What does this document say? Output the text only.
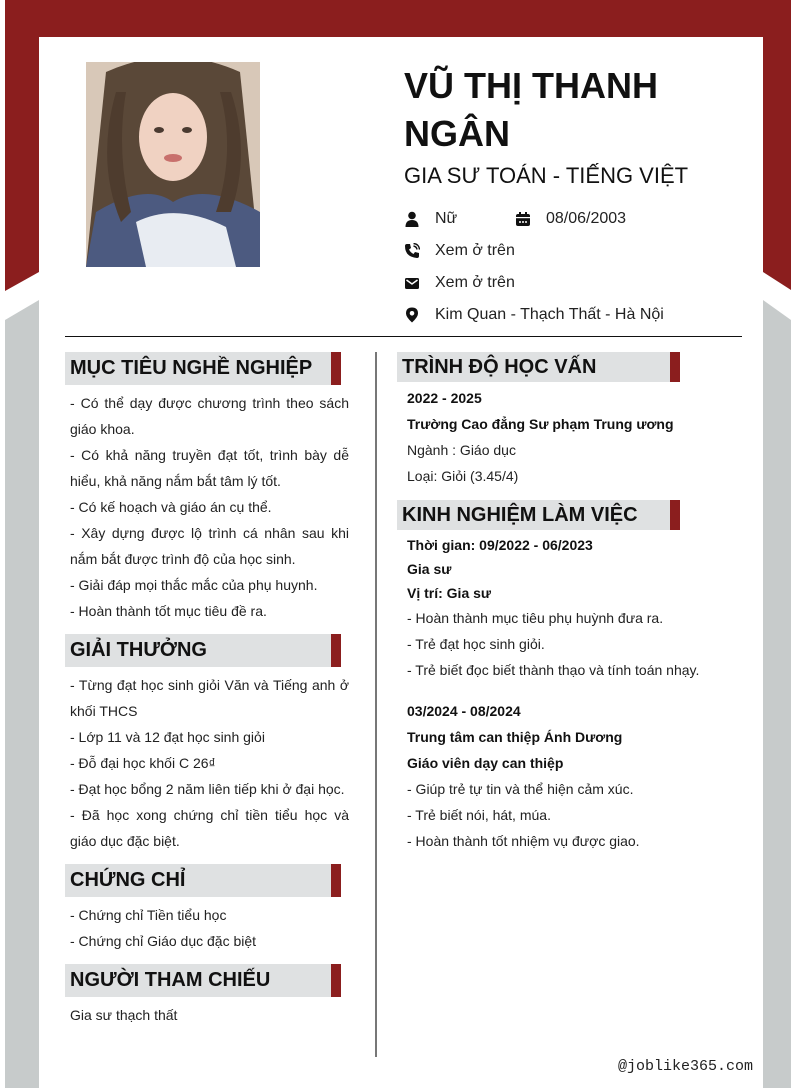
VŨ THỊ THANH NGÂN
GIA SƯ TOÁN - TIẾNG VIỆT
Nữ	08/06/2003
Xem ở trên
Xem ở trên
Kim Quan - Thạch Thất - Hà Nội
MỤC TIÊU NGHỀ NGHIỆP

- Có thể dạy được chương trình theo sách giáo khoa.

- Có khả năng truyền đạt tốt, trình bày dễ hiểu, khả năng nắm bắt tâm lý tốt.

- Có kế hoạch và giáo án cụ thể.

- Xây dựng được lộ trình cá nhân sau khi nắm bắt được trình độ của học sinh.

- Giải đáp mọi thắc mắc của phụ huynh.

- Hoàn thành tốt mục tiêu đề ra.

GIẢI THƯỞNG

- Từng đạt học sinh giỏi Văn và Tiếng anh ở khối THCS

- Lớp 11 và 12 đạt học sinh giỏi

- Đỗ đại học khối C 26₫

- Đạt học bổng 2 năm liên tiếp khi ở đại học.

- Đã học xong chứng chỉ tiền tiểu học và giáo dục đặc biệt.

CHỨNG CHỈ

- Chứng chỉ Tiền tiểu học

- Chứng chỉ Giáo dục đặc biệt

NGƯỜI THAM CHIẾU

Gia sư thạch thất

TRÌNH ĐỘ HỌC VẤN

2022 - 2025

Trường Cao đẳng Sư phạm Trung ương

Ngành : Giáo dục

Loại: Giỏi (3.45/4)

KINH NGHIỆM LÀM VIỆC

Thời gian: 09/2022 - 06/2023

Gia sư

Vị trí: Gia sư

- Hoàn thành mục tiêu phụ huỳnh đưa ra.

- Trẻ đạt học sinh giỏi.

- Trẻ biết đọc biết thành thạo và tính toán nhạy.

03/2024 - 08/2024

Trung tâm can thiệp Ánh Dương

Giáo viên dạy can thiệp

- Giúp trẻ tự tin và thể hiện cảm xúc.

- Trẻ biết nói, hát, múa.

- Hoàn thành tốt nhiệm vụ được giao.

@joblike365.com
